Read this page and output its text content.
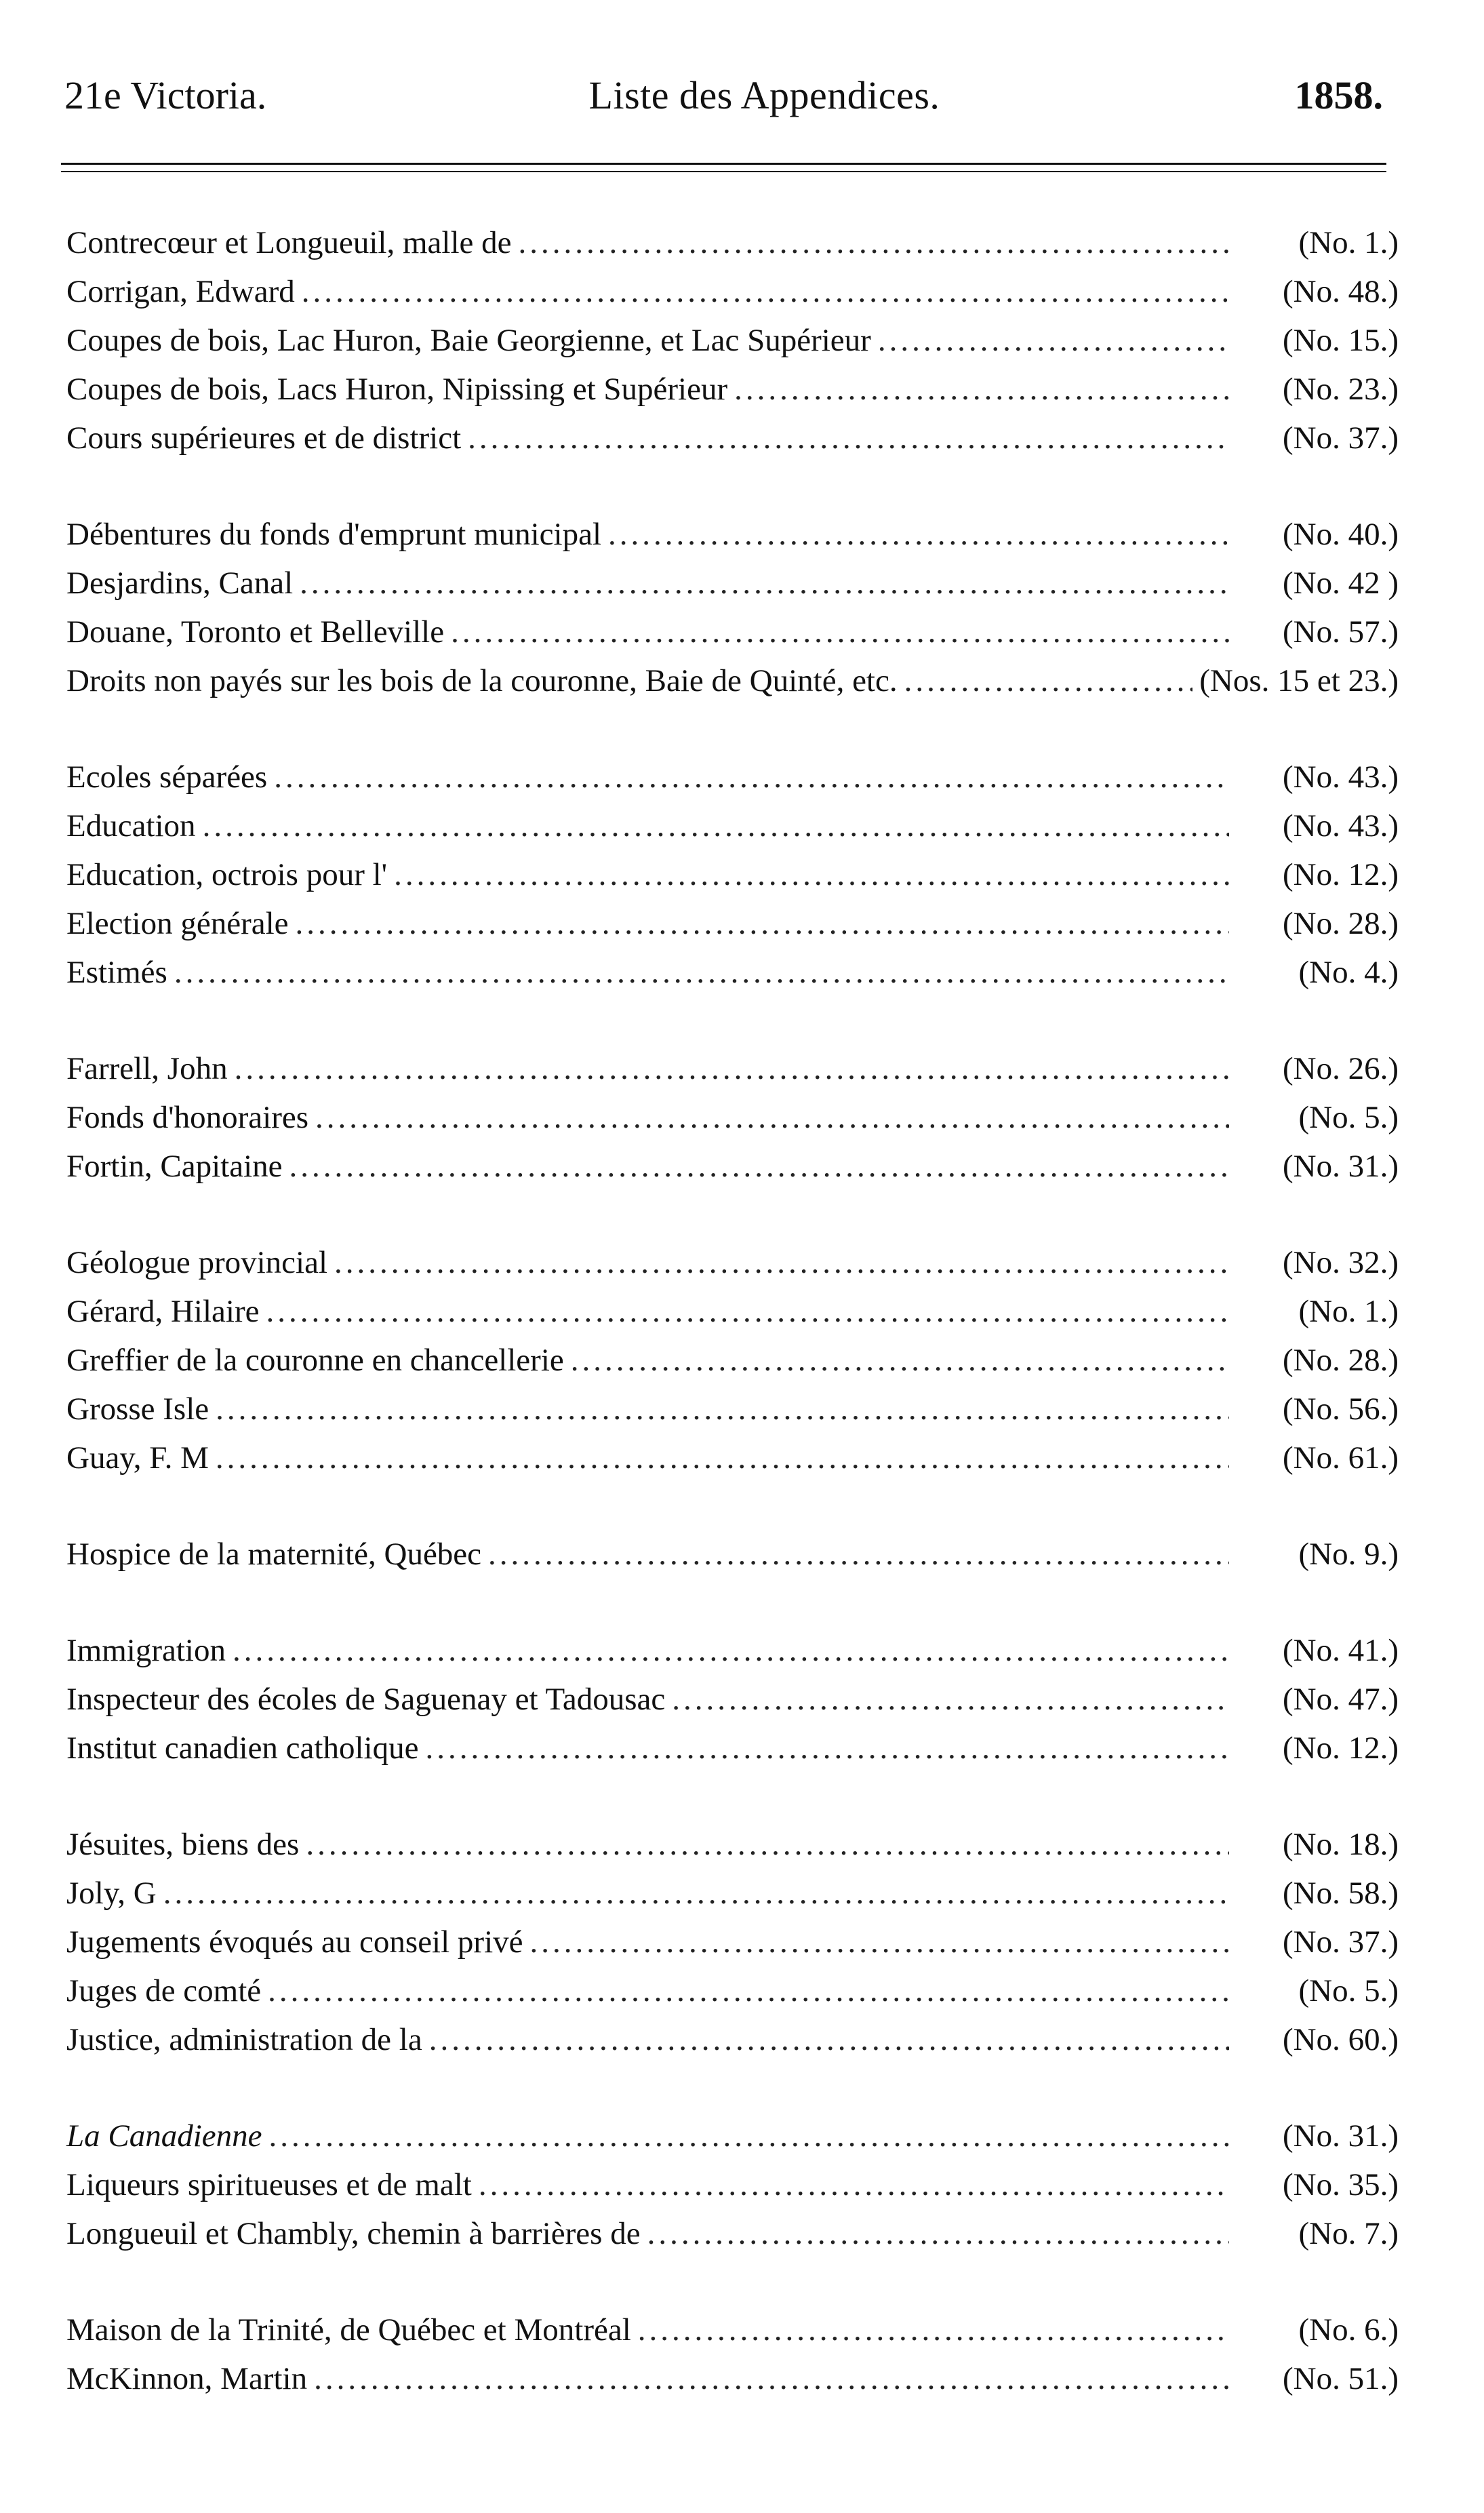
21e Victoria.	Liste des Appendices.	1858.
Contrecœur et Longueuil, malle de .....	(No. 1.)
Corrigan, Edward .....	(No. 48.)
Coupes de bois, Lac Huron, Baie Georgienne, et Lac Supérieur .....	(No. 15.)
Coupes de bois, Lacs Huron, Nipissing et Supérieur .....	(No. 23.)
Cours supérieures et de district .....	(No. 37.)
Débentures du fonds d'emprunt municipal .....	(No. 40.)
Desjardins, Canal .....	(No. 42 )
Douane, Toronto et Belleville .....	(No. 57.)
Droits non payés sur les bois de la couronne, Baie de Quinté, etc. .....	(Nos. 15 et 23.)
Ecoles séparées .....	(No. 43.)
Education .....	(No. 43.)
Education, octrois pour l' .....	(No. 12.)
Election générale .....	(No. 28.)
Estimés .....	(No. 4.)
Farrell, John .....	(No. 26.)
Fonds d'honoraires .....	(No. 5.)
Fortin, Capitaine .....	(No. 31.)
Géologue provincial .....	(No. 32.)
Gérard, Hilaire .....	(No. 1.)
Greffier de la couronne en chancellerie .....	(No. 28.)
Grosse Isle .....	(No. 56.)
Guay, F. M .....	(No. 61.)
Hospice de la maternité, Québec .....	(No. 9.)
Immigration .....	(No. 41.)
Inspecteur des écoles de Saguenay et Tadousac .....	(No. 47.)
Institut canadien catholique .....	(No. 12.)
Jésuites, biens des .....	(No. 18.)
Joly, G .....	(No. 58.)
Jugements évoqués au conseil privé .....	(No. 37.)
Juges de comté .....	(No. 5.)
Justice, administration de la .....	(No. 60.)
La Canadienne .....	(No. 31.)
Liqueurs spiritueuses et de malt .....	(No. 35.)
Longueuil et Chambly, chemin à barrières de .....	(No. 7.)
Maison de la Trinité, de Québec et Montréal .....	(No. 6.)
McKinnon, Martin .....	(No. 51.)
